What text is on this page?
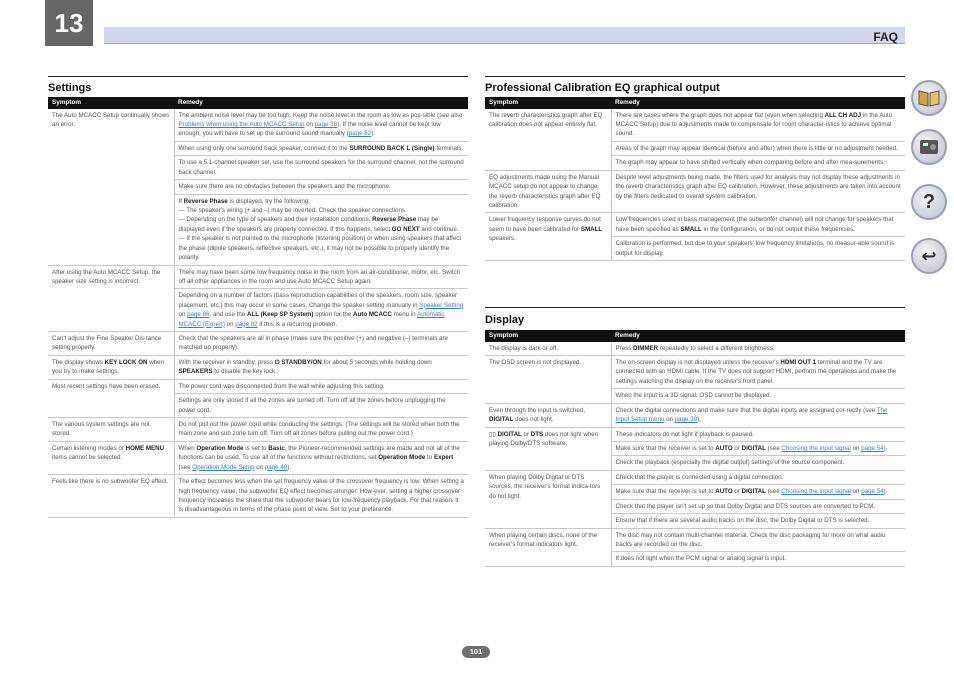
13	FAQ
?
↩
Settings
Symptom	Remedy
The Auto MCACC Setup continually shows an error.	The ambient noise level may be too high. Keep the noise level in the room as low as pos-sible (see also Problems when using the Auto MCACC Setup on page 38). If the noise level cannot be kept low enough, you will have to set up the surround sound manually (page 82).
	When using only one surround back speaker, connect it to the SURROUND BACK L (Single) terminals.
	To use a 5.1-channel speaker set, use the surround speakers for the surround channel, not the surround back channel.
	Make sure there are no obstacles between the speakers and the microphone.
	If Reverse Phase is displayed, try the following:
— The speaker's wiring (+ and –) may be inverted. Check the speaker connections.
— Depending on the type of speakers and their installation conditions, Reverse Phase may be displayed even if the speakers are properly connected. If this happens, select GO NEXT and continue.
— If the speaker is not pointed to the microphone (listening position) or when using speakers that affect the phase (dipole speakers, reflective speakers, etc.), it may not be possible to properly identify the polarity.
After using the Auto MCACC Setup, the speaker size setting is incorrect.	There may have been some low frequency noise in the room from an air-conditioner, motor, etc. Switch off all other appliances in the room and use Auto MCACC Setup again.
	Depending on a number of factors (bass reproduction capabilities of the speakers, room size, speaker placement, etc.) this may occur in some cases. Change the speaker setting manually in Speaker Setting on page 86, and use the ALL (Keep SP System) option for the Auto MCACC menu in Automatic MCACC (Expert) on page 82 if this is a recurring problem.
Can't adjust the Fine Speaker Dis-tance setting properly.	Check that the speakers are all in phase (make sure the positive (+) and negative (–) terminals are matched up properly).
The display shows KEY LOCK ON when you try to make settings.	With the receiver in standby, press ⏻ STANDBY/ON for about 5 seconds while holding down SPEAKERS to disable the key lock.
Most recent settings have been erased.	The power cord was disconnected from the wall while adjusting this setting.
	Settings are only stored if all the zones are turned off. Turn off all the zones before unplugging the power cord.
The various system settings are not stored.	Do not pull out the power cord while conducting the settings. (The settings will be stored when both the main zone and sub zone turn off. Turn off all zones before pulling out the power cord.)
Certain listening modes or HOME MENU items cannot be selected.	When Operation Mode is set to Basic, the Pioneer-recommended settings are made and not all of the functions can be used. To use all of the functions without restrictions, set Operation Mode to Expert (see Operation Mode Setup on page 49).
Feels like there is no subwoofer EQ effect.	The effect becomes less when the set frequency value of the crossover frequency is low. When setting a high frequency value, the subwoofer EQ effect becomes stronger. How-ever, setting a higher crossover frequency increases the share that the subwoofer bears for low-frequency playback. For that reason, it is disadvantageous in terms of the phase point of view. Set to your preference.
Professional Calibration EQ graphical output
Symptom	Remedy
The reverb characteristics graph after EQ calibration does not appear entirely flat.	There are cases where the graph does not appear flat (even when selecting ALL CH ADJ in the Auto MCACC Setup) due to adjustments made to compensate for room character-istics to achieve optimal sound.
	Areas of the graph may appear identical (before and after) when there is little or no adjustment needed.
	The graph may appear to have shifted vertically when comparing before and after mea-surements.
EQ adjustments made using the Manual MCACC setup do not appear to change the reverb characteristics graph after EQ calibration.	Despite level adjustments being made, the filters used for analysis may not display these adjustments in the reverb characteristics graph after EQ calibration. However, these adjustments are taken into account by the filters dedicated to overall system calibration.
Lower frequency response curves do not seem to have been calibrated for SMALL speakers.	Low frequencies used in bass management (the subwoofer channel) will not change for speakers that have been specified as SMALL in the configuration, or do not output these frequencies.
	Calibration is performed, but due to your speakers' low frequency limitations, no measur-able sound is output for display.
Display
Symptom	Remedy
The display is dark or off.	Press DIMMER repeatedly to select a different brightness.
The OSD screen is not displayed.	The on-screen display is not displayed unless the receiver's HDMI OUT 1 terminal and the TV are connected with an HDMI cable. If the TV does not support HDMI, perform the operations and make the settings watching the display on the receiver's front panel.
	When the input is a 3D signal, OSD cannot be displayed.
Even through the input is switched, DIGITAL does not light.	Check the digital connections and make sure that the digital inputs are assigned cor-rectly (see The Input Setup menu on page 39).
▯▯ DIGITAL or DTS does not light when playing Dolby/DTS software.	These indicators do not light if playback is paused.
	Make sure that the receiver is set to AUTO or DIGITAL (see Choosing the input signal on page 54).
	Check the playback (especially the digital output) settings of the source component.
When playing Dolby Digital or DTS sources, the receiver's format indica-tors do not light.	Check that the player is connected using a digital connection.
	Make sure that the receiver is set to AUTO or DIGITAL (see Choosing the input signal on page 54).
	Check that the player isn't set up so that Dolby Digital and DTS sources are converted to PCM.
	Ensure that if there are several audio tracks on the disc, the Dolby Digital or DTS is selected.
When playing certain discs, none of the receiver's format indicators light.	The disc may not contain multi-channel material. Check the disc packaging for more on what audio tracks are recorded on the disc.
	It does not light when the PCM signal or analog signal is input.
101
